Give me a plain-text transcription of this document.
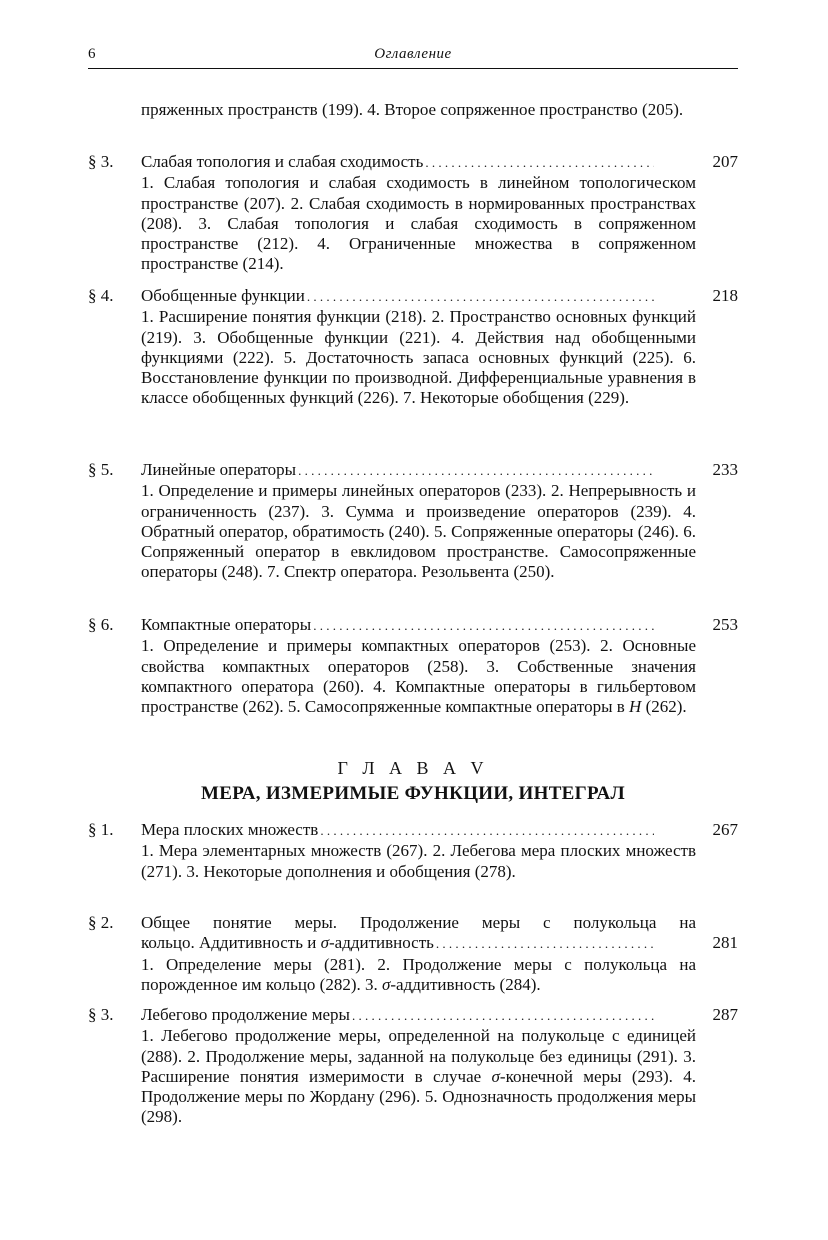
6	Оглавление
пряженных пространств (199). 4. Второе сопряженное пространство (205).
§ 3. Слабая топология и слабая сходимость
. . .

1. Слабая топология и слабая сходимость в линейном топологическом пространстве (207). 2. Слабая сходимость в нормированных пространствах (208). 3. Слабая топология и слабая сходимость в сопряженном пространстве (212). 4. Ограниченные множества в сопряженном пространстве (214).

207
§ 4. Обобщенные функции
. . .

1. Расширение понятия функции (218). 2. Пространство основных функций (219). 3. Обобщенные функции (221). 4. Действия над обобщенными функциями (222). 5. Достаточность запаса основных функций (225). 6. Восстановление функции по производной. Дифференциальные уравнения в классе обобщенных функций (226). 7. Некоторые обобщения (229).

218
§ 5. Линейные операторы
. . .

1. Определение и примеры линейных операторов (233). 2. Непрерывность и ограниченность (237). 3. Сумма и произведение операторов (239). 4. Обратный оператор, обратимость (240). 5. Сопряженные операторы (246). 6. Сопряженный оператор в евклидовом пространстве. Самосопряженные операторы (248). 7. Спектр оператора. Резольвента (250).

233
§ 6. Компактные операторы
. . .

1. Определение и примеры компактных операторов (253). 2. Основные свойства компактных операторов (258). 3. Собственные значения компактного оператора (260). 4. Компактные операторы в гильбертовом пространстве (262). 5. Самосопряженные компактные операторы в H (262).

253
Г Л А В А V
МЕРА, ИЗМЕРИМЫЕ ФУНКЦИИ, ИНТЕГРАЛ
§ 1. Мера плоских множеств
. . .

1. Мера элементарных множеств (267). 2. Лебегова мера плоских множеств (271). 3. Некоторые дополнения и обобщения (278).

267
§ 2. Общее понятие меры. Продолжение меры с полукольца на
кольцо. Аддитивность и σ-аддитивность
. . .

1. Определение меры (281). 2. Продолжение меры с полукольца на порожденное им кольцо (282). 3. σ-аддитивность (284).

281
§ 3. Лебегово продолжение меры
. . .

1. Лебегово продолжение меры, определенной на полукольце с единицей (288). 2. Продолжение меры, заданной на полукольце без единицы (291). 3. Расширение понятия измеримости в случае σ-конечной меры (293). 4. Продолжение меры по Жордану (296). 5. Однозначность продолжения меры (298).

287
